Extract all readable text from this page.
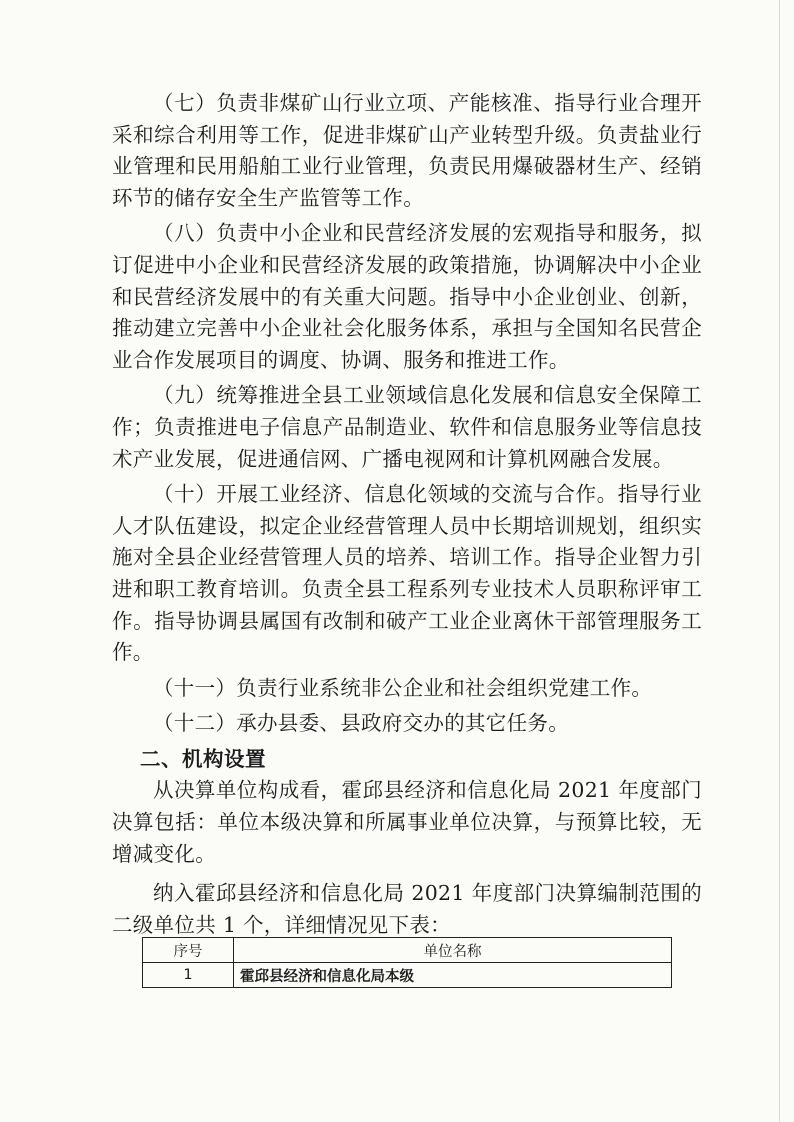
（七）负责非煤矿山行业立项、产能核准、指导行业合理开采和综合利用等工作，促进非煤矿山产业转型升级。负责盐业行业管理和民用船舶工业行业管理，负责民用爆破器材生产、经销环节的储存安全生产监管等工作。

（八）负责中小企业和民营经济发展的宏观指导和服务，拟订促进中小企业和民营经济发展的政策措施，协调解决中小企业和民营经济发展中的有关重大问题。指导中小企业创业、创新，推动建立完善中小企业社会化服务体系，承担与全国知名民营企业合作发展项目的调度、协调、服务和推进工作。

（九）统筹推进全县工业领域信息化发展和信息安全保障工作；负责推进电子信息产品制造业、软件和信息服务业等信息技术产业发展，促进通信网、广播电视网和计算机网融合发展。

（十）开展工业经济、信息化领域的交流与合作。指导行业人才队伍建设，拟定企业经营管理人员中长期培训规划，组织实施对全县企业经营管理人员的培养、培训工作。指导企业智力引进和职工教育培训。负责全县工程系列专业技术人员职称评审工作。指导协调县属国有改制和破产工业企业离休干部管理服务工作。

（十一）负责行业系统非公企业和社会组织党建工作。

（十二）承办县委、县政府交办的其它任务。

二、机构设置

从决算单位构成看，霍邱县经济和信息化局 2021 年度部门决算包括：单位本级决算和所属事业单位决算，与预算比较，无增减变化。

纳入霍邱县经济和信息化局 2021 年度部门决算编制范围的二级单位共 1 个，详细情况见下表：

序号	单位名称
1	霍邱县经济和信息化局本级
